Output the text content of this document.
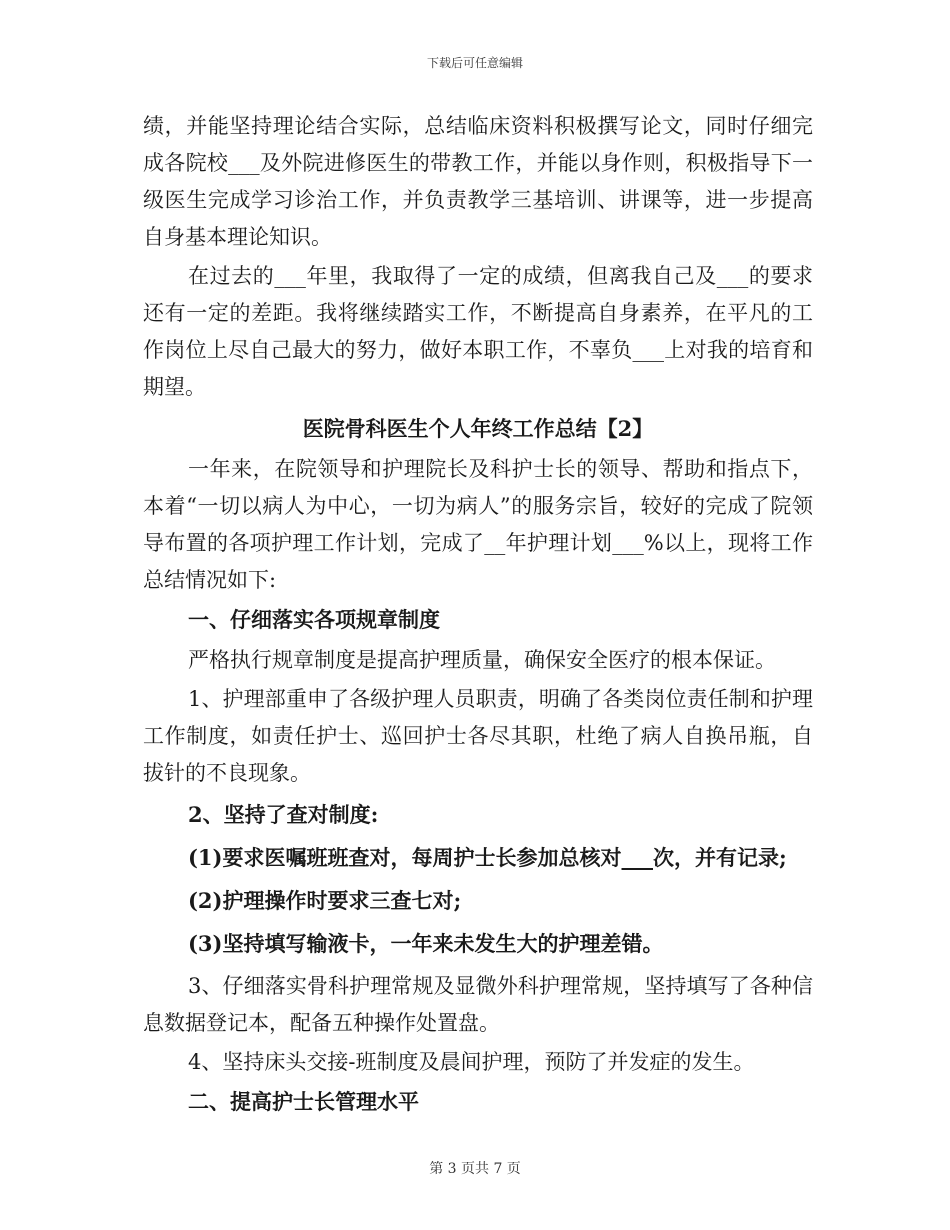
下载后可任意编辑

绩，并能坚持理论结合实际，总结临床资料积极撰写论文，同时仔细完成各院校___及外院进修医生的带教工作，并能以身作则，积极指导下一级医生完成学习诊治工作，并负责教学三基培训、讲课等，进一步提高自身基本理论知识。

在过去的___年里，我取得了一定的成绩，但离我自己及___的要求还有一定的差距。我将继续踏实工作，不断提高自身素养，在平凡的工作岗位上尽自己最大的努力，做好本职工作，不辜负___上对我的培育和期望。

医院骨科医生个人年终工作总结【2】

一年来，在院领导和护理院长及科护士长的领导、帮助和指点下，本着“一切以病人为中心，一切为病人”的服务宗旨，较好的完成了院领导布置的各项护理工作计划，完成了__年护理计划___%以上，现将工作总结情况如下:

一、仔细落实各项规章制度

严格执行规章制度是提高护理质量，确保安全医疗的根本保证。

1、护理部重申了各级护理人员职责，明确了各类岗位责任制和护理工作制度，如责任护士、巡回护士各尽其职，杜绝了病人自换吊瓶，自拔针的不良现象。

2、坚持了查对制度:
(1)要求医嘱班班查对，每周护士长参加总核对___次，并有记录;
(2)护理操作时要求三查七对;
(3)坚持填写输液卡，一年来未发生大的护理差错。

3、仔细落实骨科护理常规及显微外科护理常规，坚持填写了各种信息数据登记本，配备五种操作处置盘。

4、坚持床头交接-班制度及晨间护理，预防了并发症的发生。

二、提高护士长管理水平
第 3 页共 7 页
